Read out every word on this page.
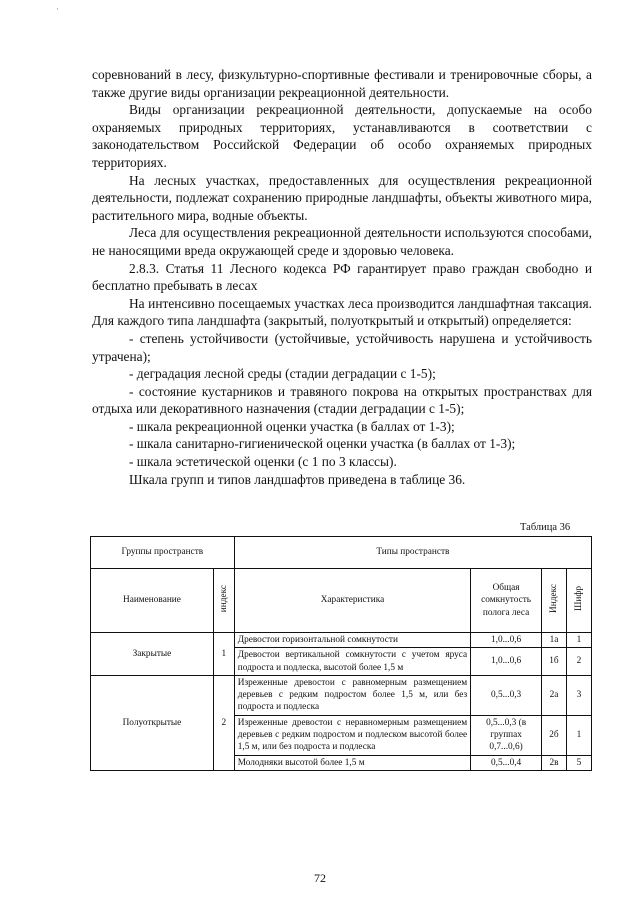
·

соревнований в лесу, физкультурно-спортивные фестивали и тренировочные сборы, а также другие виды организации рекреационной деятельности.

Виды организации рекреационной деятельности, допускаемые на особо охраняемых природных территориях, устанавливаются в соответствии с законодательством Российской Федерации об особо охраняемых природных территориях.

На лесных участках, предоставленных для осуществления рекреационной деятельности, подлежат сохранению природные ландшафты, объекты животного мира, растительного мира, водные объекты.

Леса для осуществления рекреационной деятельности используются способами, не наносящими вреда окружающей среде и здоровью человека.

2.8.3. Статья 11 Лесного кодекса РФ гарантирует право граждан свободно и бесплатно пребывать в лесах

На интенсивно посещаемых участках леса производится ландшафтная таксация. Для каждого типа ландшафта (закрытый, полуоткрытый и открытый) определяется:

- степень устойчивости (устойчивые, устойчивость нарушена и устойчивость утрачена);

- деградация лесной среды (стадии деградации с 1-5);

- состояние кустарников и травяного покрова на открытых пространствах для отдыха или декоративного назначения (стадии деградации с 1-5);

- шкала рекреационной оценки участка (в баллах от 1-3);

- шкала санитарно-гигиенической оценки участка (в баллах от 1-3);

- шкала эстетической оценки (с 1 по 3 классы).

Шкала групп и типов ландшафтов приведена в таблице 36.

Таблица 36
Группы пространств		Типы пространств			
Наименование	индекс	Характеристика	Общая сомкнутость полога леса	Индекс	Шифр
Закрытые	1	Древостои горизонтальной сомкнутости	1,0...0,6	1а	1
		Древостои вертикальной сомкнутости с учетом яруса подроста и подлеска, высотой более 1,5 м	1,0...0,6	1б	2
Полуоткрытые	2	Изреженные древостои с равномерным размещением деревьев с редким подростом более 1,5 м, или без подроста и подлеска	0,5...0,3	2а	3
		Изреженные древостои с неравномерным размещением деревьев с редким подростом и подлеском высотой более 1,5 м, или без подроста и подлеска	0,5...0,3 (в группах 0,7...0,6)	2б	1
		Молодняки высотой более 1,5 м	0,5...0,4	2в	5
72
